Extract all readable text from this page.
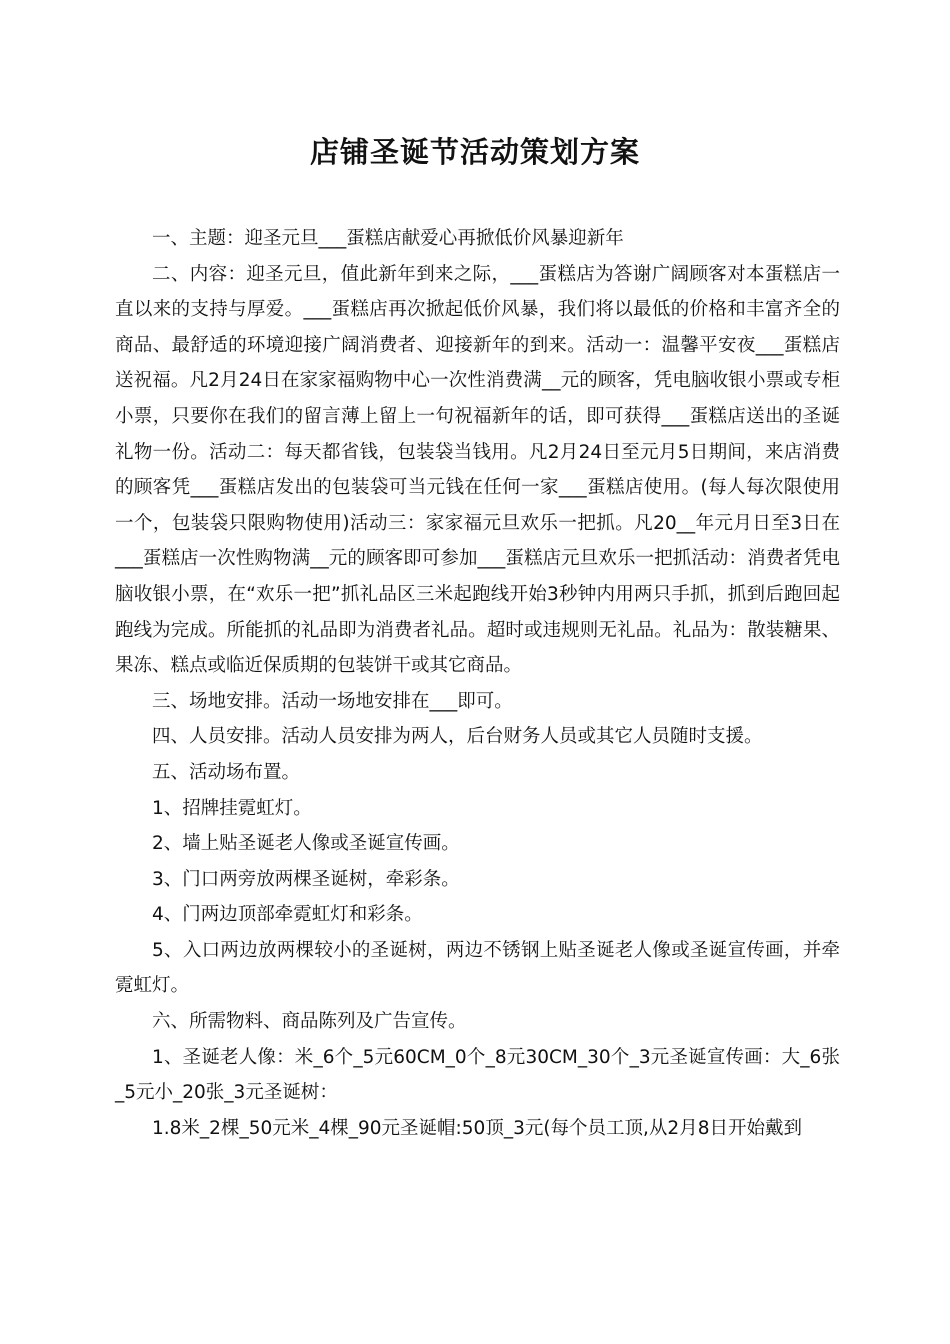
店铺圣诞节活动策划方案

一、主题：迎圣元旦___蛋糕店献爱心再掀低价风暴迎新年

二、内容：迎圣元旦，值此新年到来之际，___蛋糕店为答谢广阔顾客对本蛋糕店一直以来的支持与厚爱。___蛋糕店再次掀起低价风暴，我们将以最低的价格和丰富齐全的商品、最舒适的环境迎接广阔消费者、迎接新年的到来。活动一：温馨平安夜___蛋糕店送祝福。凡2月24日在家家福购物中心一次性消费满__元的顾客，凭电脑收银小票或专柜小票，只要你在我们的留言薄上留上一句祝福新年的话，即可获得___蛋糕店送出的圣诞礼物一份。活动二：每天都省钱，包装袋当钱用。凡2月24日至元月5日期间，来店消费的顾客凭___蛋糕店发出的包装袋可当元钱在任何一家___蛋糕店使用。(每人每次限使用一个，包装袋只限购物使用)活动三：家家福元旦欢乐一把抓。凡20__年元月日至3日在___蛋糕店一次性购物满__元的顾客即可参加___蛋糕店元旦欢乐一把抓活动：消费者凭电脑收银小票，在“欢乐一把”抓礼品区三米起跑线开始3秒钟内用两只手抓，抓到后跑回起跑线为完成。所能抓的礼品即为消费者礼品。超时或违规则无礼品。礼品为：散装糖果、果冻、糕点或临近保质期的包装饼干或其它商品。

三、场地安排。活动一场地安排在___即可。

四、人员安排。活动人员安排为两人，后台财务人员或其它人员随时支援。

五、活动场布置。

1、招牌挂霓虹灯。

2、墙上贴圣诞老人像或圣诞宣传画。

3、门口两旁放两棵圣诞树，牵彩条。

4、门两边顶部牵霓虹灯和彩条。

5、入口两边放两棵较小的圣诞树，两边不锈钢上贴圣诞老人像或圣诞宣传画，并牵霓虹灯。

六、所需物料、商品陈列及广告宣传。

1、圣诞老人像：米_6个_5元60CM_0个_8元30CM_30个_3元圣诞宣传画：大_6张_5元小_20张_3元圣诞树：

1.8米_2棵_50元米_4棵_90元圣诞帽:50顶_3元(每个员工顶,从2月8日开始戴到
